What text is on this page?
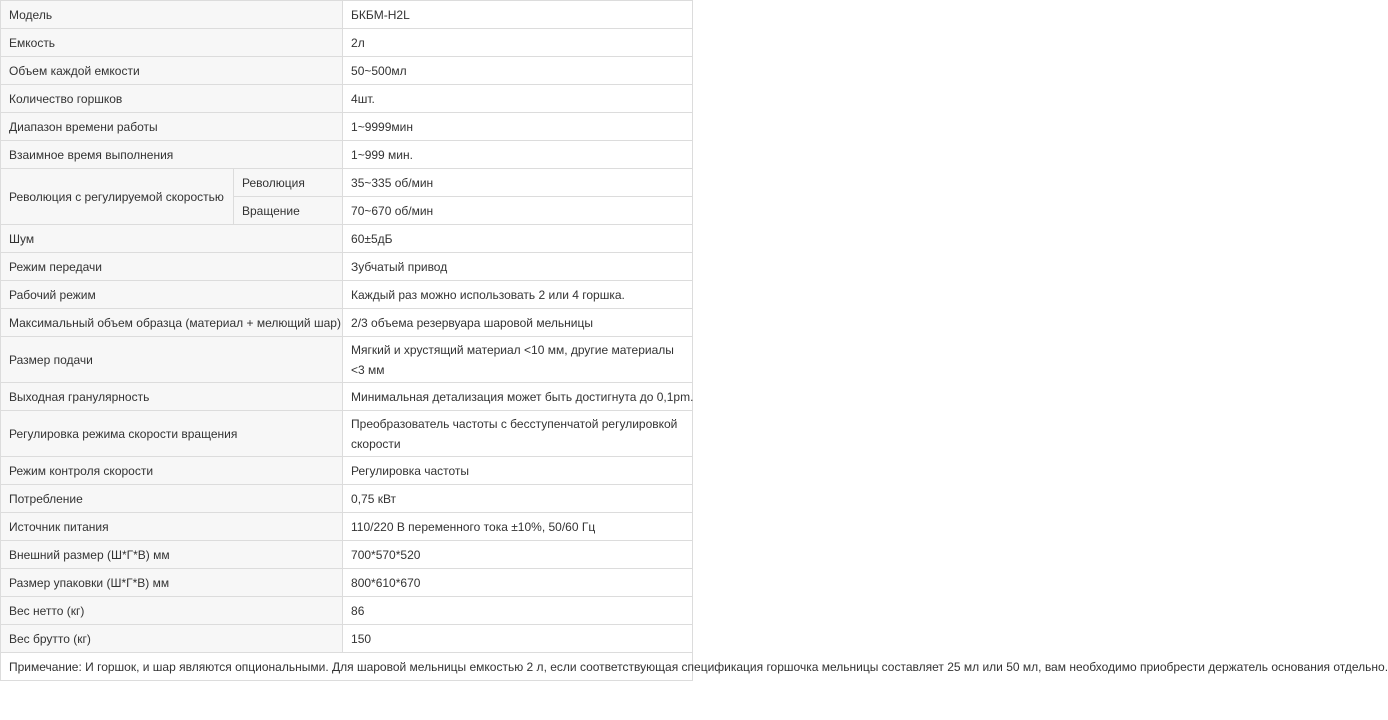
Модель		БКБМ-H2L
Емкость		2л
Объем каждой емкости		50~500мл
Количество горшков		4шт.
Диапазон времени работы		1~9999мин
Взаимное время выполнения		1~999 мин.
Революция с регулируемой скоростью	Революция	35~335 об/мин
	Вращение	70~670 об/мин
Шум		60±5дБ
Режим передачи		Зубчатый привод
Рабочий режим		Каждый раз можно использовать 2 или 4 горшка.
Максимальный объем образца (материал + мелющий шар)		2/3 объема резервуара шаровой мельницы
Размер подачи		Мягкий и хрустящий материал <10 мм, другие материалы <3 мм
Выходная гранулярность		Минимальная детализация может быть достигнута до 0,1pm.
Регулировка режима скорости вращения		Преобразователь частоты с бесступенчатой регулировкой скорости
Режим контроля скорости		Регулировка частоты
Потребление		0,75 кВт
Источник питания		110/220 В переменного тока ±10%, 50/60 Гц
Внешний размер (Ш*Г*В) мм		700*570*520
Размер упаковки (Ш*Г*В) мм		800*610*670
Вес нетто (кг)		86
Вес брутто (кг)		150
Примечание: И горшок, и шар являются опциональными. Для шаровой мельницы емкостью 2 л, если соответствующая спецификация горшочка мельницы составляет 25 мл или 50 мл, вам необходимо приобрести держатель основания отдельно.		
